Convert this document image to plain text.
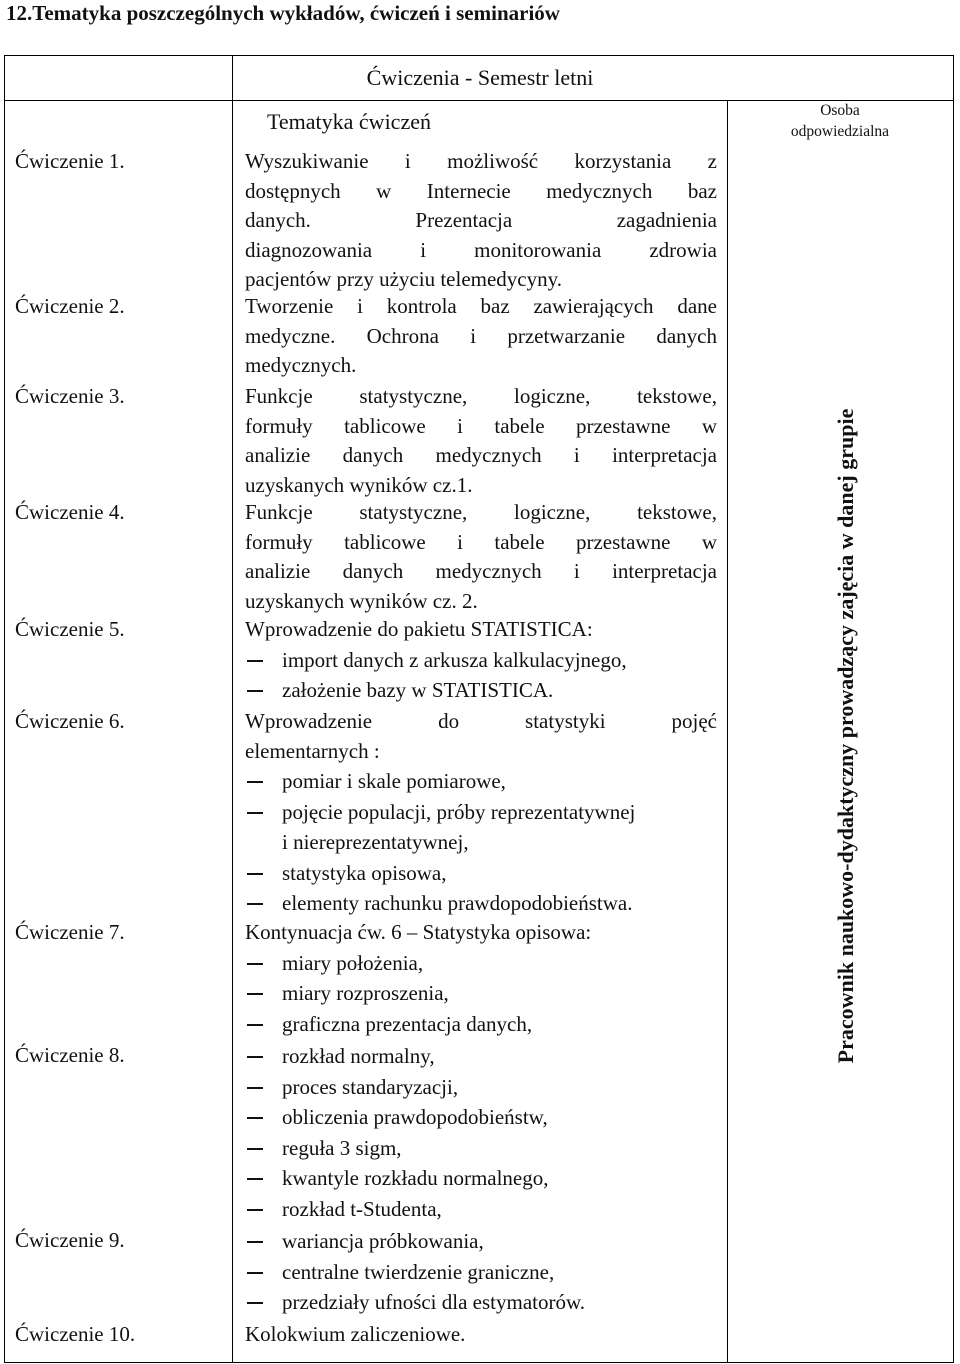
12.Tematyka poszczególnych wykładów, ćwiczeń i seminariów
Ćwiczenia - Semestr letni
Tematyka ćwiczeń	Osoba
odpowiedzialna
Pracownik naukowo-dydaktyczny prowadzący zajęcia w danej grupie
Ćwiczenie 1.	Wyszukiwanie i możliwość korzystania z
dostępnych w Internecie medycznych baz
danych. Prezentacja zagadnienia
diagnozowania i monitorowania zdrowia
pacjentów przy użyciu telemedycyny.
Ćwiczenie 2.	Tworzenie i kontrola baz zawierających dane
medyczne. Ochrona i przetwarzanie danych
medycznych.
Ćwiczenie 3.	Funkcje statystyczne, logiczne, tekstowe,
formuły tablicowe i tabele przestawne w
analizie danych medycznych i interpretacja
uzyskanych wyników cz.1.
Ćwiczenie 4.	Funkcje statystyczne, logiczne, tekstowe,
formuły tablicowe i tabele przestawne w
analizie danych medycznych i interpretacja
uzyskanych wyników cz. 2.
Ćwiczenie 5.	Wprowadzenie do pakietu STATISTICA:
import danych z arkusza kalkulacyjnego,
założenie bazy w STATISTICA.
Ćwiczenie 6.	Wprowadzenie do statystyki pojęć
elementarnych :
pomiar i skale pomiarowe,
pojęcie populacji, próby reprezentatywnej
i niereprezentatywnej,
statystyka opisowa,
elementy rachunku prawdopodobieństwa.
Ćwiczenie 7.	Kontynuacja ćw. 6 – Statystyka opisowa:
miary położenia,
miary rozproszenia,
graficzna prezentacja danych,
Ćwiczenie 8.	rozkład normalny,
proces standaryzacji,
obliczenia prawdopodobieństw,
reguła 3 sigm,
kwantyle rozkładu normalnego,
rozkład t-Studenta,
Ćwiczenie 9.	wariancja próbkowania,
centralne twierdzenie graniczne,
przedziały ufności dla estymatorów.
Ćwiczenie 10.	Kolokwium zaliczeniowe.
